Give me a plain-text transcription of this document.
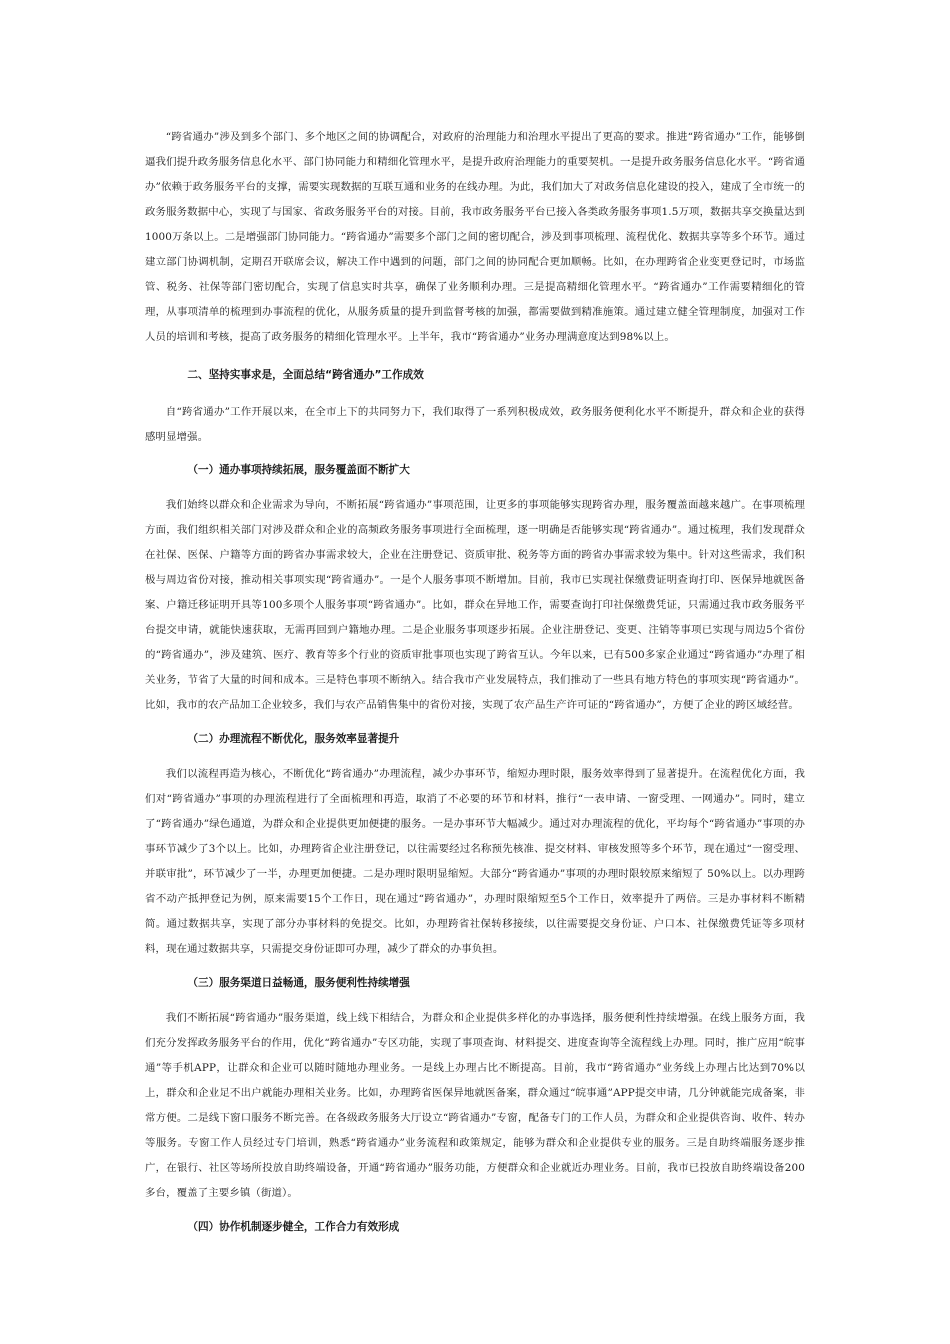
“跨省通办”涉及到多个部门、多个地区之间的协调配合，对政府的治理能力和治理水平提出了更高的要求。推进“跨省通办”工作，能够倒逼我们提升政务服务信息化水平、部门协同能力和精细化管理水平，是提升政府治理能力的重要契机。一是提升政务服务信息化水平。“跨省通办”依赖于政务服务平台的支撑，需要实现数据的互联互通和业务的在线办理。为此，我们加大了对政务信息化建设的投入，建成了全市统一的政务服务数据中心，实现了与国家、省政务服务平台的对接。目前，我市政务服务平台已接入各类政务服务事项1.5万项，数据共享交换量达到1000万条以上。二是增强部门协同能力。“跨省通办”需要多个部门之间的密切配合，涉及到事项梳理、流程优化、数据共享等多个环节。通过建立部门协调机制，定期召开联席会议，解决工作中遇到的问题，部门之间的协同配合更加顺畅。比如，在办理跨省企业变更登记时，市场监管、税务、社保等部门密切配合，实现了信息实时共享，确保了业务顺利办理。三是提高精细化管理水平。“跨省通办”工作需要精细化的管理，从事项清单的梳理到办事流程的优化，从服务质量的提升到监督考核的加强，都需要做到精准施策。通过建立健全管理制度，加强对工作人员的培训和考核，提高了政务服务的精细化管理水平。上半年，我市“跨省通办”业务办理满意度达到98%以上。

二、坚持实事求是，全面总结“跨省通办”工作成效

自“跨省通办”工作开展以来，在全市上下的共同努力下，我们取得了一系列积极成效，政务服务便利化水平不断提升，群众和企业的获得感明显增强。

（一）通办事项持续拓展，服务覆盖面不断扩大

我们始终以群众和企业需求为导向，不断拓展“跨省通办”事项范围，让更多的事项能够实现跨省办理，服务覆盖面越来越广。在事项梳理方面，我们组织相关部门对涉及群众和企业的高频政务服务事项进行全面梳理，逐一明确是否能够实现“跨省通办”。通过梳理，我们发现群众在社保、医保、户籍等方面的跨省办事需求较大，企业在注册登记、资质审批、税务等方面的跨省办事需求较为集中。针对这些需求，我们积极与周边省份对接，推动相关事项实现“跨省通办”。一是个人服务事项不断增加。目前，我市已实现社保缴费证明查询打印、医保异地就医备案、户籍迁移证明开具等100多项个人服务事项“跨省通办”。比如，群众在异地工作，需要查询打印社保缴费凭证，只需通过我市政务服务平台提交申请，就能快速获取，无需再回到户籍地办理。二是企业服务事项逐步拓展。企业注册登记、变更、注销等事项已实现与周边5个省份的“跨省通办”，涉及建筑、医疗、教育等多个行业的资质审批事项也实现了跨省互认。今年以来，已有500多家企业通过“跨省通办”办理了相关业务，节省了大量的时间和成本。三是特色事项不断纳入。结合我市产业发展特点，我们推动了一些具有地方特色的事项实现“跨省通办”。比如，我市的农产品加工企业较多，我们与农产品销售集中的省份对接，实现了农产品生产许可证的“跨省通办”，方便了企业的跨区域经营。

（二）办理流程不断优化，服务效率显著提升

我们以流程再造为核心，不断优化“跨省通办”办理流程，减少办事环节，缩短办理时限，服务效率得到了显著提升。在流程优化方面，我们对“跨省通办”事项的办理流程进行了全面梳理和再造，取消了不必要的环节和材料，推行“一表申请、一窗受理、一网通办”。同时，建立了“跨省通办”绿色通道，为群众和企业提供更加便捷的服务。一是办事环节大幅减少。通过对办理流程的优化，平均每个“跨省通办”事项的办事环节减少了3个以上。比如，办理跨省企业注册登记，以往需要经过名称预先核准、提交材料、审核发照等多个环节，现在通过“一窗受理、并联审批”，环节减少了一半，办理更加便捷。二是办理时限明显缩短。大部分“跨省通办”事项的办理时限较原来缩短了 50%以上。以办理跨省不动产抵押登记为例，原来需要15个工作日，现在通过“跨省通办”，办理时限缩短至5个工作日，效率提升了两倍。三是办事材料不断精简。通过数据共享，实现了部分办事材料的免提交。比如，办理跨省社保转移接续，以往需要提交身份证、户口本、社保缴费凭证等多项材料，现在通过数据共享，只需提交身份证即可办理，减少了群众的办事负担。

（三）服务渠道日益畅通，服务便利性持续增强

我们不断拓展“跨省通办”服务渠道，线上线下相结合，为群众和企业提供多样化的办事选择，服务便利性持续增强。在线上服务方面，我们充分发挥政务服务平台的作用，优化“跨省通办”专区功能，实现了事项查询、材料提交、进度查询等全流程线上办理。同时，推广应用“皖事通”等手机APP，让群众和企业可以随时随地办理业务。一是线上办理占比不断提高。目前，我市“跨省通办”业务线上办理占比达到70%以上，群众和企业足不出户就能办理相关业务。比如，办理跨省医保异地就医备案，群众通过“皖事通”APP提交申请，几分钟就能完成备案，非常方便。二是线下窗口服务不断完善。在各级政务服务大厅设立“跨省通办”专窗，配备专门的工作人员，为群众和企业提供咨询、收件、转办等服务。专窗工作人员经过专门培训，熟悉“跨省通办”业务流程和政策规定，能够为群众和企业提供专业的服务。三是自助终端服务逐步推广，在银行、社区等场所投放自助终端设备，开通“跨省通办”服务功能，方便群众和企业就近办理业务。目前，我市已投放自助终端设备200多台，覆盖了主要乡镇（街道）。

（四）协作机制逐步健全，工作合力有效形成
